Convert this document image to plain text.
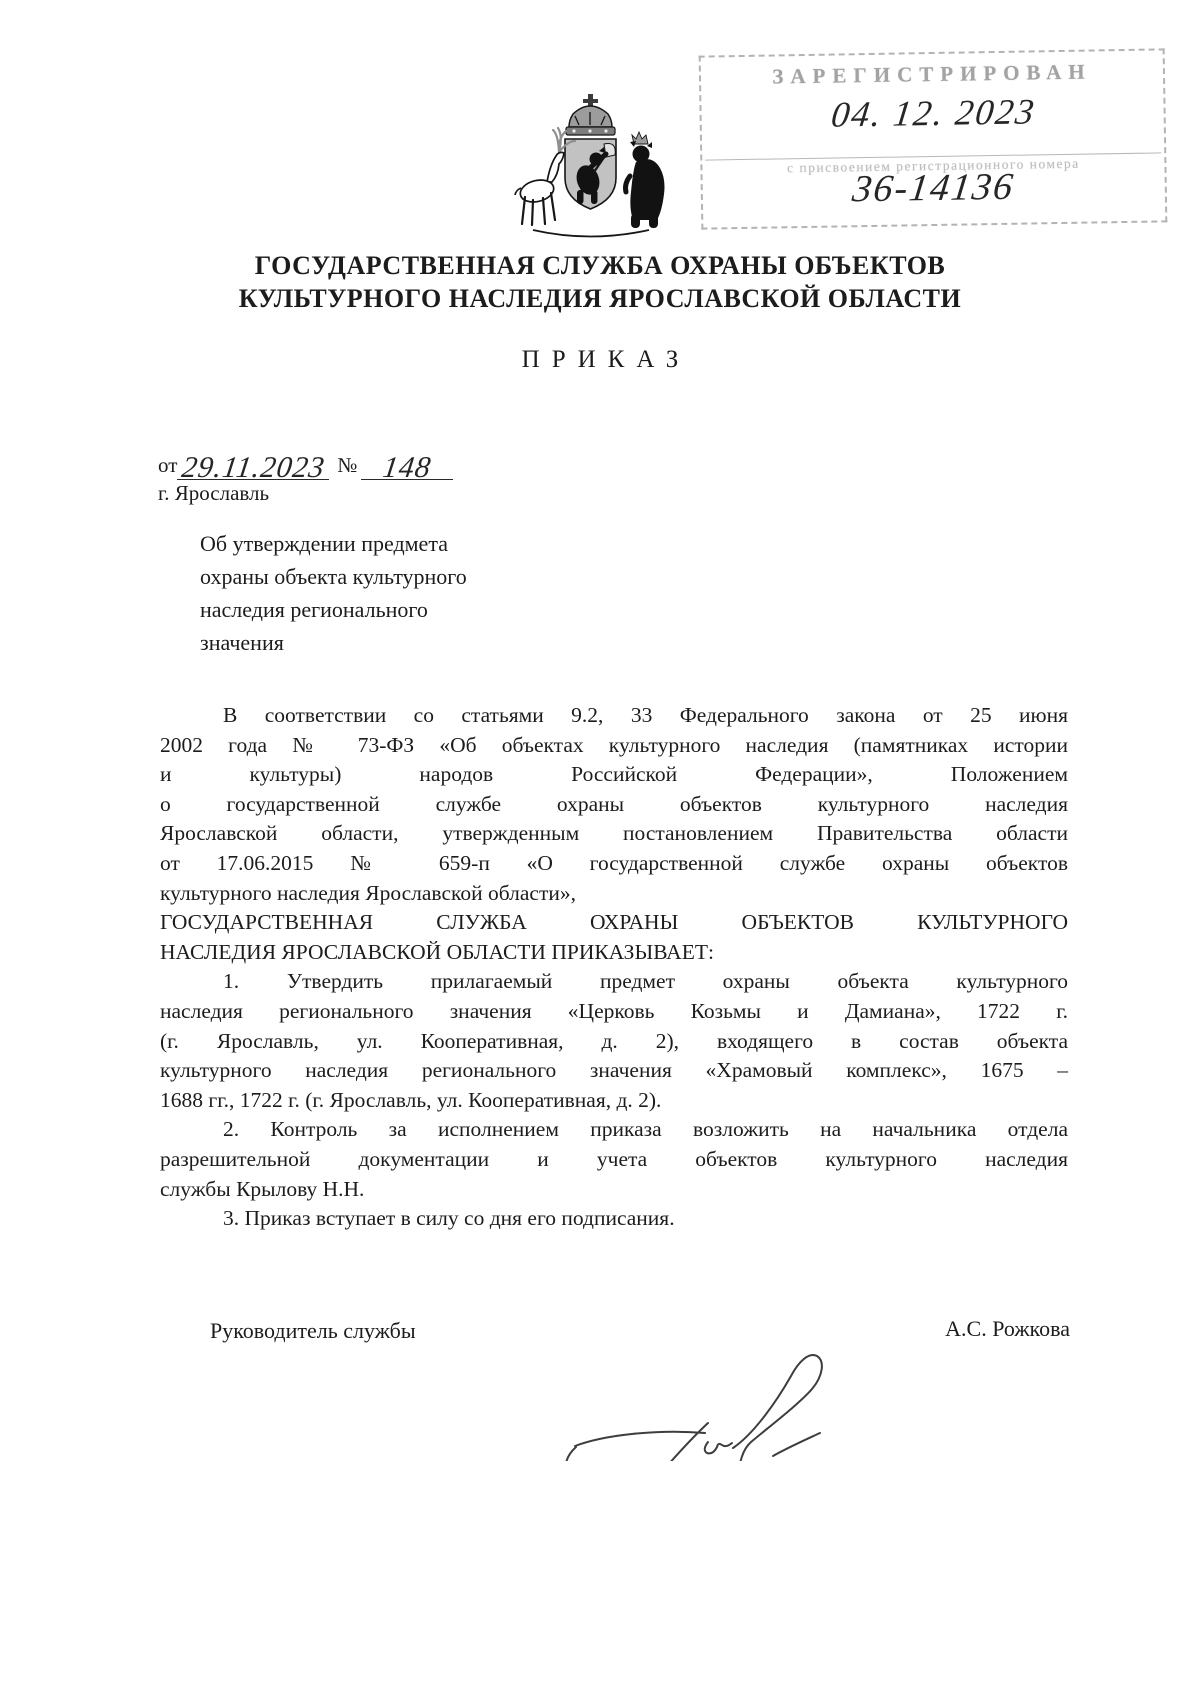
ЗАРЕГИСТРИРОВАН
04. 12. 2023
с присвоением регистрационного номера
36-14136
ГОСУДАРСТВЕННАЯ СЛУЖБА ОХРАНЫ ОБЪЕКТОВ
КУЛЬТУРНОГО НАСЛЕДИЯ ЯРОСЛАВСКОЙ ОБЛАСТИ
ПРИКАЗ
от 29.11.2023 № 148
г. Ярославль
Об утверждении предмета
охраны объекта культурного
наследия регионального
значения
В соответствии со статьями 9.2, 33 Федерального закона от 25 июня
2002 года № 73-ФЗ «Об объектах культурного наследия (памятниках истории
и культуры) народов Российской Федерации», Положением
о государственной службе охраны объектов культурного наследия
Ярославской области, утвержденным постановлением Правительства области
от 17.06.2015 № 659-п «О государственной службе охраны объектов
культурного наследия Ярославской области»,
ГОСУДАРСТВЕННАЯ СЛУЖБА ОХРАНЫ ОБЪЕКТОВ КУЛЬТУРНОГО
НАСЛЕДИЯ ЯРОСЛАВСКОЙ ОБЛАСТИ ПРИКАЗЫВАЕТ:
1. Утвердить прилагаемый предмет охраны объекта культурного
наследия регионального значения «Церковь Козьмы и Дамиана», 1722 г.
(г. Ярославль, ул. Кооперативная, д. 2), входящего в состав объекта
культурного наследия регионального значения «Храмовый комплекс», 1675 –
1688 гг., 1722 г. (г. Ярославль, ул. Кооперативная, д. 2).
2. Контроль за исполнением приказа возложить на начальника отдела
разрешительной документации и учета объектов культурного наследия
службы Крылову Н.Н.
3. Приказ вступает в силу со дня его подписания.
Руководитель службы	А.С. Рожкова
